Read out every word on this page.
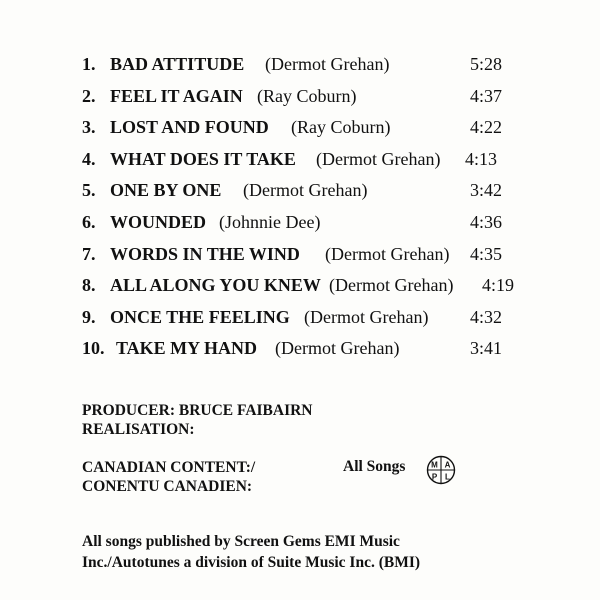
1. BAD ATTITUDE (Dermot Grehan)	5:28
2. FEEL IT AGAIN (Ray Coburn)	4:37
3. LOST AND FOUND (Ray Coburn)	4:22
4. WHAT DOES IT TAKE (Dermot Grehan) 4:13
5. ONE BY ONE (Dermot Grehan)	3:42
6. WOUNDED (Johnnie Dee)	4:36
7. WORDS IN THE WIND (Dermot Grehan) 4:35
8. ALL ALONG YOU KNEW (Dermot Grehan) 4:19
9. ONCE THE FEELING (Dermot Grehan) 4:32
10. TAKE MY HAND (Dermot Grehan)	3:41
PRODUCER: BRUCE FAIBAIRN
REALISATION:
CANADIAN CONTENT:/
CONENTU CANADIEN:
All Songs	M A
P L
All songs published by Screen Gems EMI Music
Inc./Autotunes a division of Suite Music Inc. (BMI)
